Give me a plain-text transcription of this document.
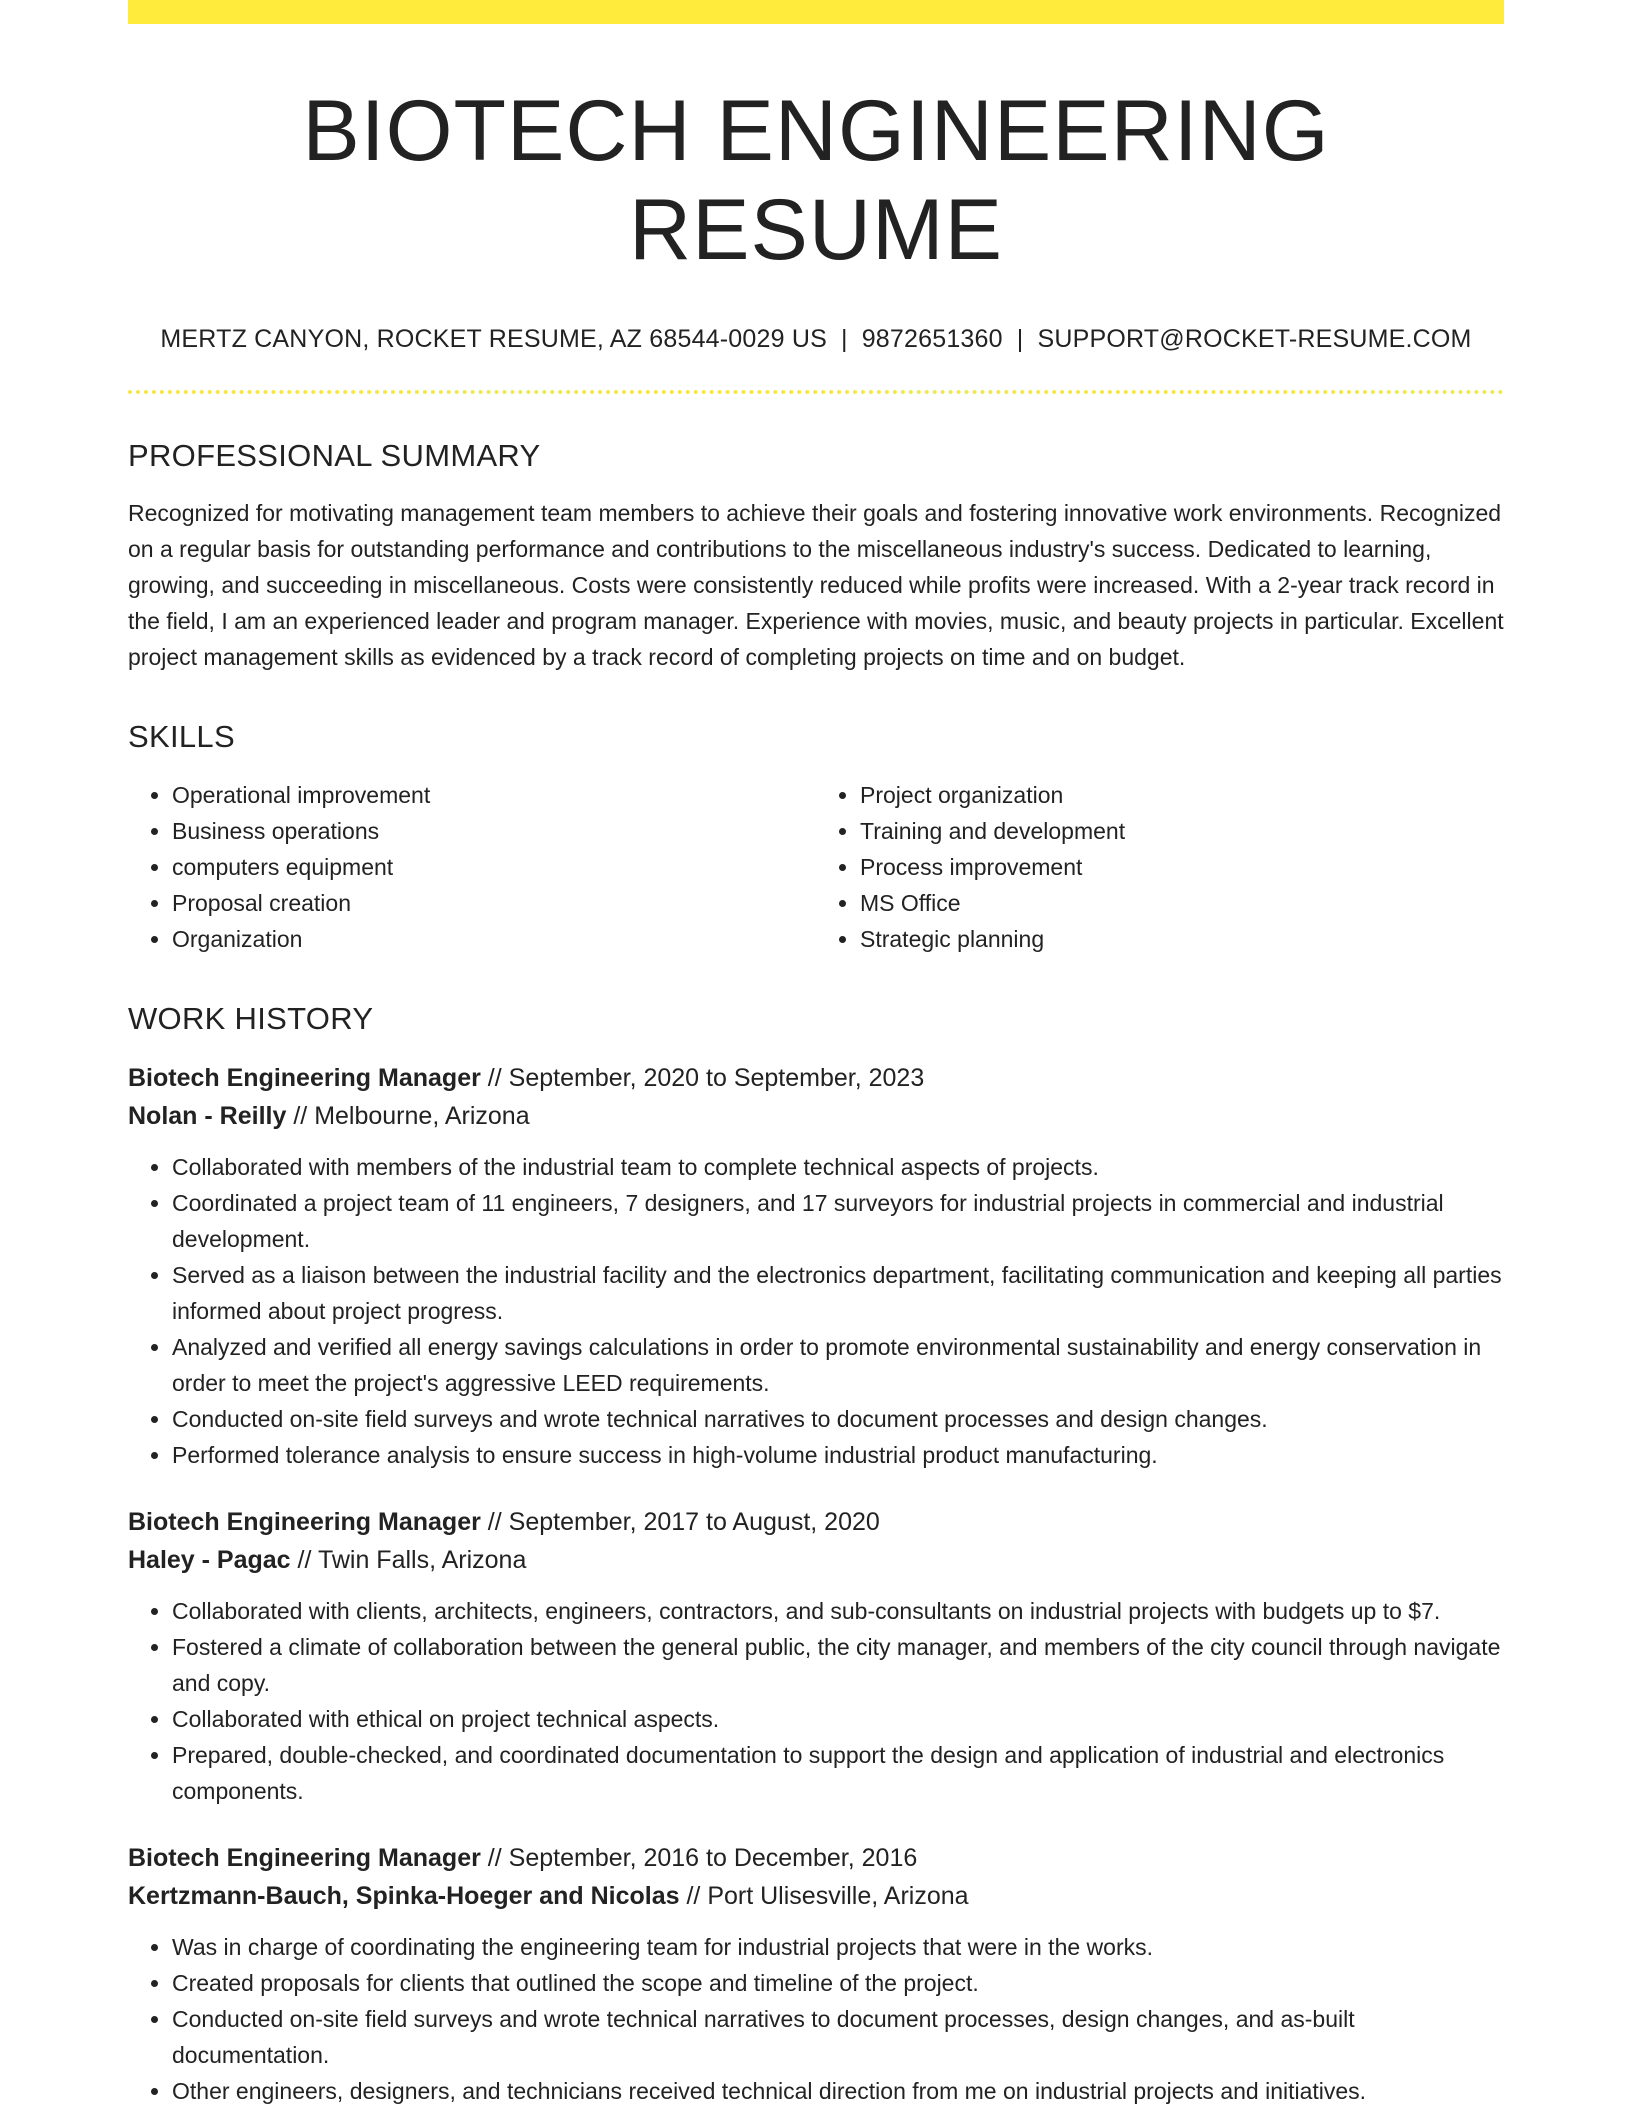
BIOTECH ENGINEERING RESUME
MERTZ CANYON, ROCKET RESUME, AZ 68544-0029 US | 9872651360 | SUPPORT@ROCKET-RESUME.COM
PROFESSIONAL SUMMARY

Recognized for motivating management team members to achieve their goals and fostering innovative work environments. Recognized on a regular basis for outstanding performance and contributions to the miscellaneous industry's success. Dedicated to learning, growing, and succeeding in miscellaneous. Costs were consistently reduced while profits were increased. With a 2-year track record in the field, I am an experienced leader and program manager. Experience with movies, music, and beauty projects in particular. Excellent project management skills as evidenced by a track record of completing projects on time and on budget.

SKILLS
• Operational improvement
• Business operations
• computers equipment
• Proposal creation
• Organization
• Project organization
• Training and development
• Process improvement
• MS Office
• Strategic planning
WORK HISTORY
Biotech Engineering Manager // September, 2020 to September, 2023
Nolan - Reilly // Melbourne, Arizona
• Collaborated with members of the industrial team to complete technical aspects of projects.
• Coordinated a project team of 11 engineers, 7 designers, and 17 surveyors for industrial projects in commercial and industrial development.
• Served as a liaison between the industrial facility and the electronics department, facilitating communication and keeping all parties informed about project progress.
• Analyzed and verified all energy savings calculations in order to promote environmental sustainability and energy conservation in order to meet the project's aggressive LEED requirements.
• Conducted on-site field surveys and wrote technical narratives to document processes and design changes.
• Performed tolerance analysis to ensure success in high-volume industrial product manufacturing.
Biotech Engineering Manager // September, 2017 to August, 2020
Haley - Pagac // Twin Falls, Arizona
• Collaborated with clients, architects, engineers, contractors, and sub-consultants on industrial projects with budgets up to $7.
• Fostered a climate of collaboration between the general public, the city manager, and members of the city council through navigate and copy.
• Collaborated with ethical on project technical aspects.
• Prepared, double-checked, and coordinated documentation to support the design and application of industrial and electronics components.
Biotech Engineering Manager // September, 2016 to December, 2016
Kertzmann-Bauch, Spinka-Hoeger and Nicolas // Port Ulisesville, Arizona
• Was in charge of coordinating the engineering team for industrial projects that were in the works.
• Created proposals for clients that outlined the scope and timeline of the project.
• Conducted on-site field surveys and wrote technical narratives to document processes, design changes, and as-built documentation.
• Other engineers, designers, and technicians received technical direction from me on industrial projects and initiatives.
